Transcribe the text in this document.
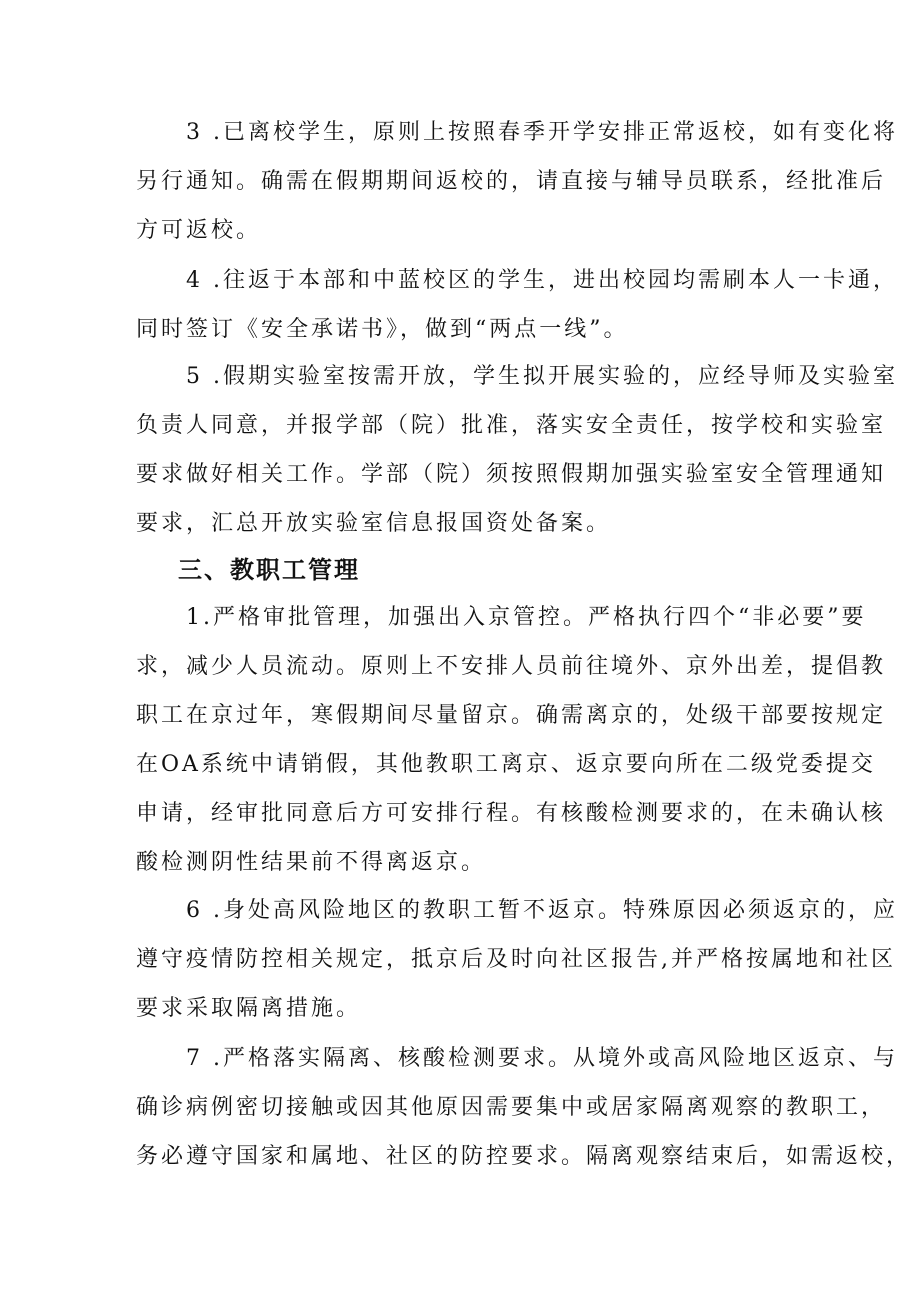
　　3 .已离校学生，原则上按照春季开学安排正常返校，如有变化将
另行通知。确需在假期期间返校的，请直接与辅导员联系，经批准后
方可返校。
　　4 .往返于本部和中蓝校区的学生，进出校园均需刷本人一卡通，
同时签订《安全承诺书》，做到“两点一线”。
　　5 .假期实验室按需开放，学生拟开展实验的，应经导师及实验室
负责人同意，并报学部（院）批准，落实安全责任，按学校和实验室
要求做好相关工作。学部（院）须按照假期加强实验室安全管理通知
要求，汇总开放实验室信息报国资处备案。
三、教职工管理
　　1.严格审批管理，加强出入京管控。严格执行四个“非必要”要
求，减少人员流动。原则上不安排人员前往境外、京外出差，提倡教
职工在京过年，寒假期间尽量留京。确需离京的，处级干部要按规定
在OA系统中请销假，其他教职工离京、返京要向所在二级党委提交
申请，经审批同意后方可安排行程。有核酸检测要求的，在未确认核
酸检测阴性结果前不得离返京。
　　6 .身处高风险地区的教职工暂不返京。特殊原因必须返京的，应
遵守疫情防控相关规定，抵京后及时向社区报告,并严格按属地和社区
要求采取隔离措施。
　　7 .严格落实隔离、核酸检测要求。从境外或高风险地区返京、与
确诊病例密切接触或因其他原因需要集中或居家隔离观察的教职工，
务必遵守国家和属地、社区的防控要求。隔离观察结束后，如需返校，
